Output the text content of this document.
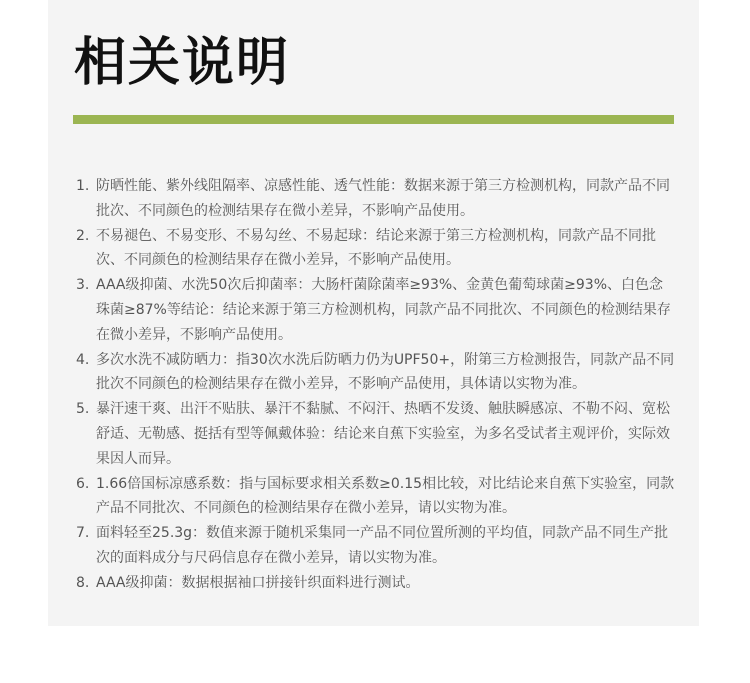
相关说明
1. 防晒性能、紫外线阻隔率、凉感性能、透气性能：数据来源于第三方检测机构，同款产品不同批次、不同颜色的检测结果存在微小差异，不影响产品使用。
2. 不易褪色、不易变形、不易勾丝、不易起球：结论来源于第三方检测机构，同款产品不同批次、不同颜色的检测结果存在微小差异，不影响产品使用。
3. AAA级抑菌、水洗50次后抑菌率：大肠杆菌除菌率≥93%、金黄色葡萄球菌≥93%、白色念珠菌≥87%等结论：结论来源于第三方检测机构，同款产品不同批次、不同颜色的检测结果存在微小差异，不影响产品使用。
4. 多次水洗不减防晒力：指30次水洗后防晒力仍为UPF50+，附第三方检测报告，同款产品不同批次不同颜色的检测结果存在微小差异，不影响产品使用，具体请以实物为准。
5. 暴汗速干爽、出汗不贴肤、暴汗不黏腻、不闷汗、热晒不发烫、触肤瞬感凉、不勒不闷、宽松舒适、无勒感、挺括有型等佩戴体验：结论来自蕉下实验室，为多名受试者主观评价，实际效果因人而异。
6. 1.66倍国标凉感系数：指与国标要求相关系数≥0.15相比较，对比结论来自蕉下实验室，同款产品不同批次、不同颜色的检测结果存在微小差异，请以实物为准。
7. 面料轻至25.3g：数值来源于随机采集同一产品不同位置所测的平均值，同款产品不同生产批次的面料成分与尺码信息存在微小差异，请以实物为准。
8. AAA级抑菌：数据根据袖口拼接针织面料进行测试。
